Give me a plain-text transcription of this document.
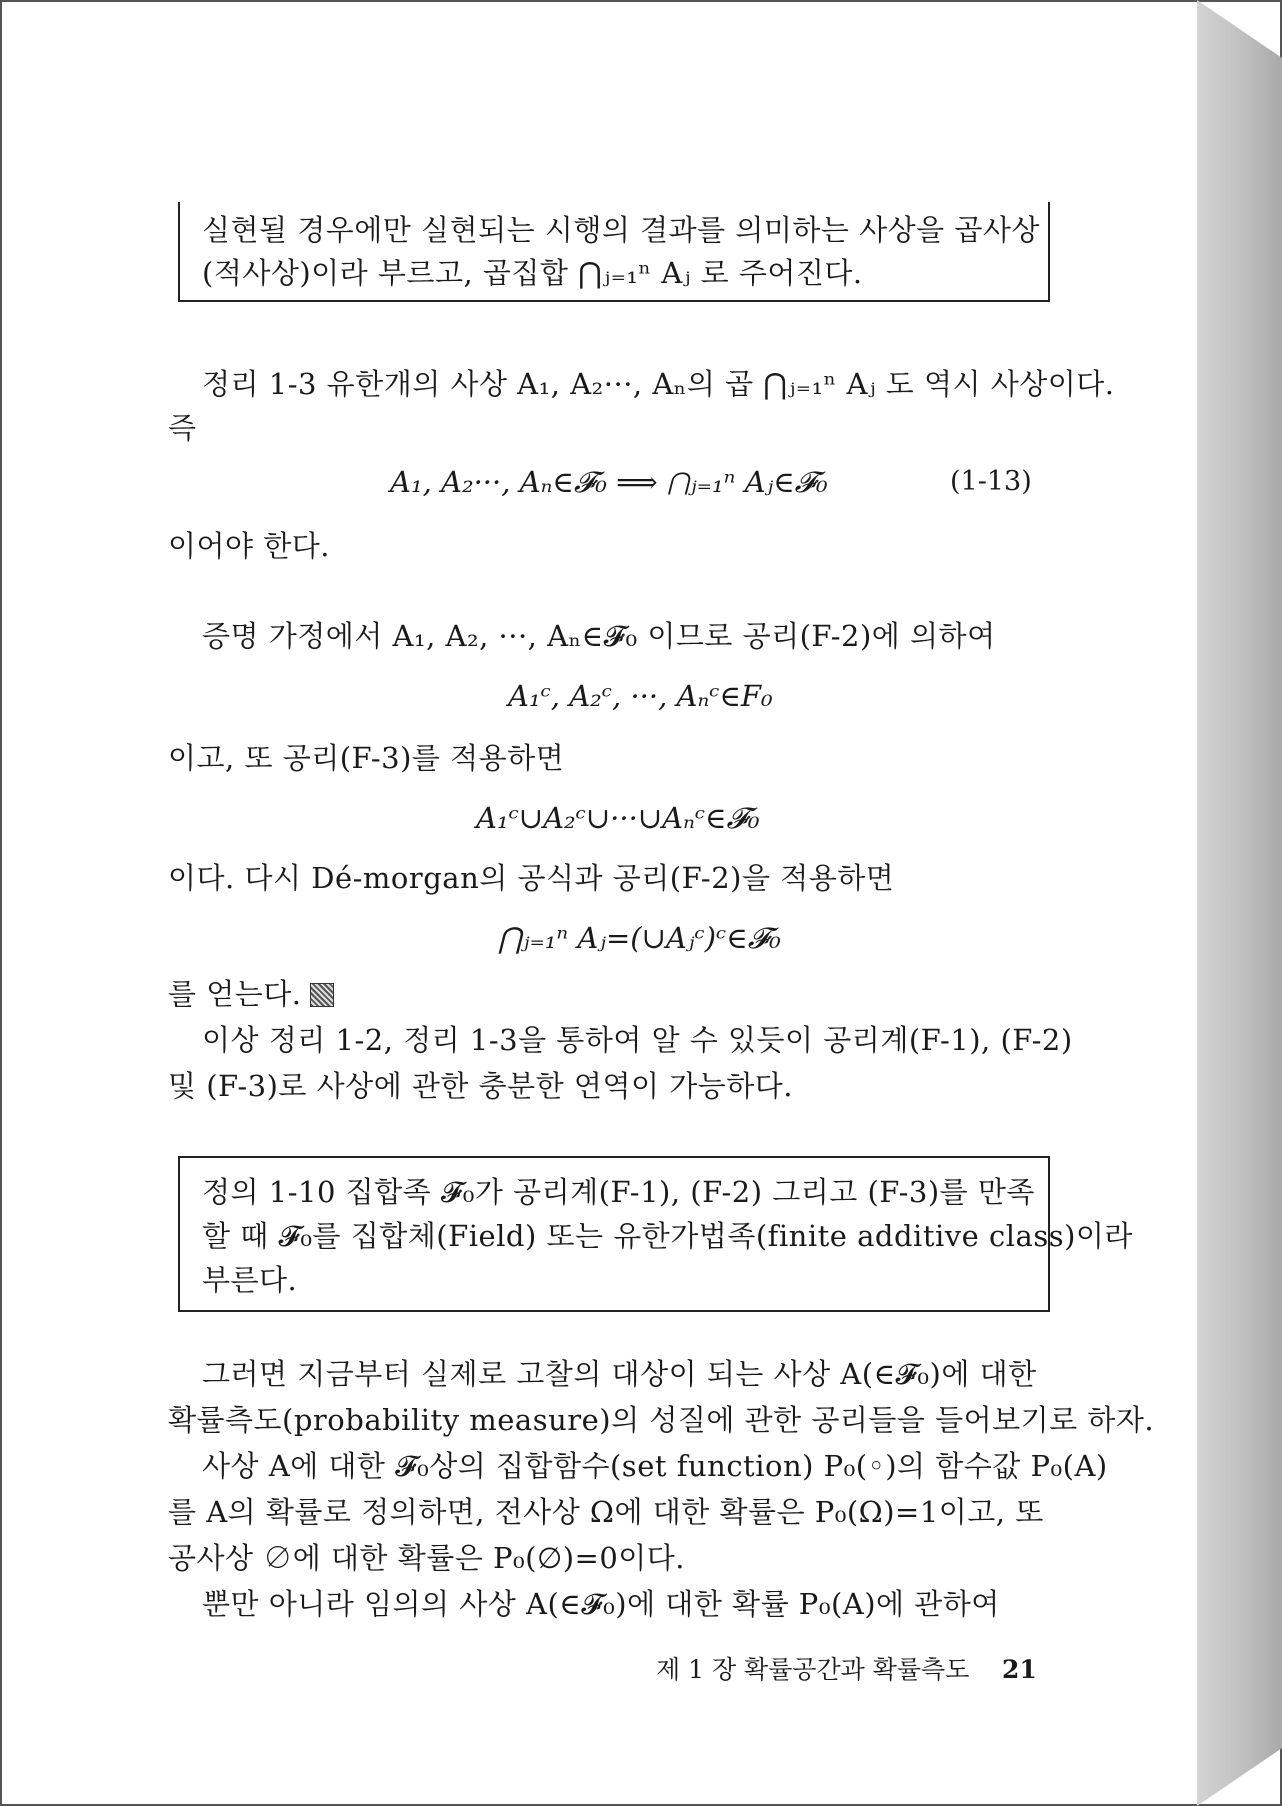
실현될 경우에만 실현되는 시행의 결과를 의미하는 사상을 곱사상
(적사상)이라 부르고, 곱집합 ⋂ⱼ₌₁ⁿ Aⱼ 로 주어진다.
정리 1-3 유한개의 사상 A₁, A₂···, Aₙ의 곱 ⋂ⱼ₌₁ⁿ Aⱼ 도 역시 사상이다.
즉
A₁, A₂···, Aₙ∈𝓕₀ ⟹ ⋂ⱼ₌₁ⁿ Aⱼ∈𝓕₀	(1-13)
이어야 한다.
증명 가정에서 A₁, A₂, ···, Aₙ∈𝓕₀ 이므로 공리(F-2)에 의하여
A₁ᶜ, A₂ᶜ, ···, Aₙᶜ∈F₀
이고, 또 공리(F-3)를 적용하면
A₁ᶜ∪A₂ᶜ∪···∪Aₙᶜ∈𝓕₀
이다. 다시 Dé-morgan의 공식과 공리(F-2)을 적용하면
⋂ⱼ₌₁ⁿ Aⱼ=(∪Aⱼᶜ)ᶜ∈𝓕₀
를 얻는다.
이상 정리 1-2, 정리 1-3을 통하여 알 수 있듯이 공리계(F-1), (F-2)
및 (F-3)로 사상에 관한 충분한 연역이 가능하다.
정의 1-10 집합족 𝓕₀가 공리계(F-1), (F-2) 그리고 (F-3)를 만족
할 때 𝓕₀를 집합체(Field) 또는 유한가법족(finite additive class)이라
부른다.
그러면 지금부터 실제로 고찰의 대상이 되는 사상 A(∈𝓕₀)에 대한
확률측도(probability measure)의 성질에 관한 공리들을 들어보기로 하자.
사상 A에 대한 𝓕₀상의 집합함수(set function) P₀(◦)의 함수값 P₀(A)
를 A의 확률로 정의하면, 전사상 Ω에 대한 확률은 P₀(Ω)=1이고, 또
공사상 ∅에 대한 확률은 P₀(∅)=0이다.
뿐만 아니라 임의의 사상 A(∈𝓕₀)에 대한 확률 P₀(A)에 관하여
제 1 장 확률공간과 확률측도 21
